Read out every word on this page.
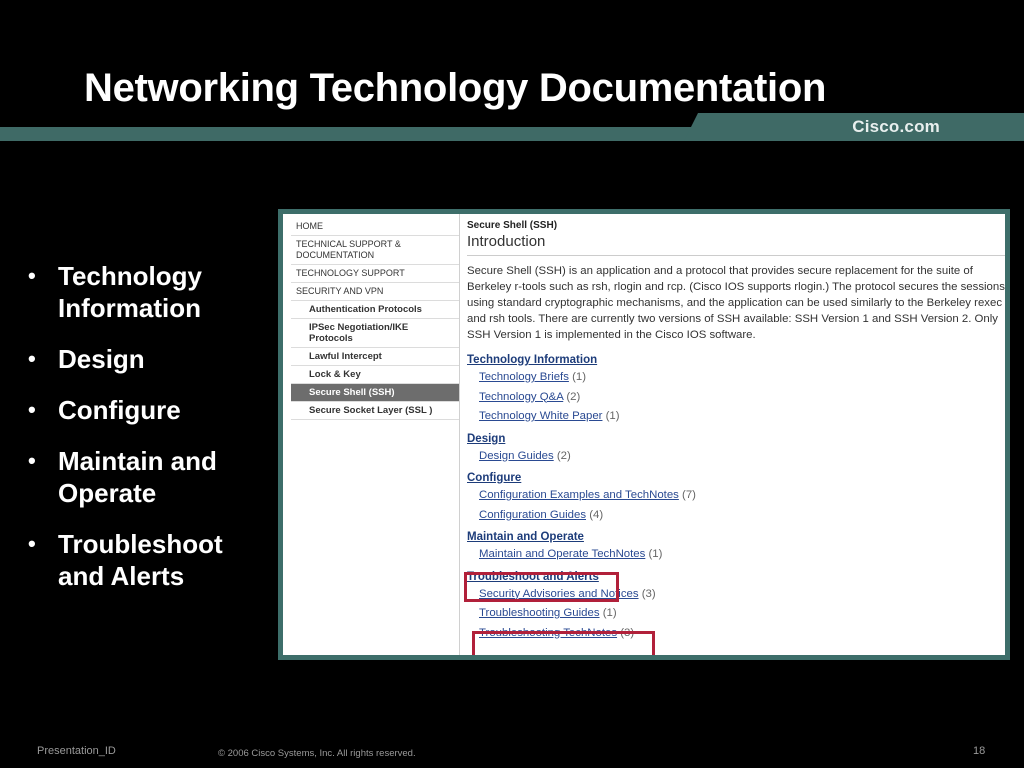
Networking Technology Documentation
Cisco.com
• Technology Information
• Design
• Configure
• Maintain and Operate
• Troubleshoot and Alerts
HOME
TECHNICAL SUPPORT & DOCUMENTATION
TECHNOLOGY SUPPORT
SECURITY AND VPN
Authentication Protocols
IPSec Negotiation/IKE Protocols
Lawful Intercept
Lock & Key
Secure Shell (SSH)
Secure Socket Layer (SSL )
Secure Shell (SSH)
Introduction
Secure Shell (SSH) is an application and a protocol that provides secure replacement for the suite of Berkeley r-tools such as rsh, rlogin and rcp. (Cisco IOS supports rlogin.) The protocol secures the sessions using standard cryptographic mechanisms, and the application can be used similarly to the Berkeley rexec and rsh tools. There are currently two versions of SSH available: SSH Version 1 and SSH Version 2. Only SSH Version 1 is implemented in the Cisco IOS software.
Technology Information
Technology Briefs (1)
Technology Q&A (2)
Technology White Paper (1)
Design
Design Guides (2)
Configure
Configuration Examples and TechNotes (7)
Configuration Guides (4)
Maintain and Operate
Maintain and Operate TechNotes (1)
Troubleshoot and Alerts
Security Advisories and Notices (3)
Troubleshooting Guides (1)
Troubleshooting TechNotes (3)
Presentation_ID	© 2006 Cisco Systems, Inc. All rights reserved.	18
